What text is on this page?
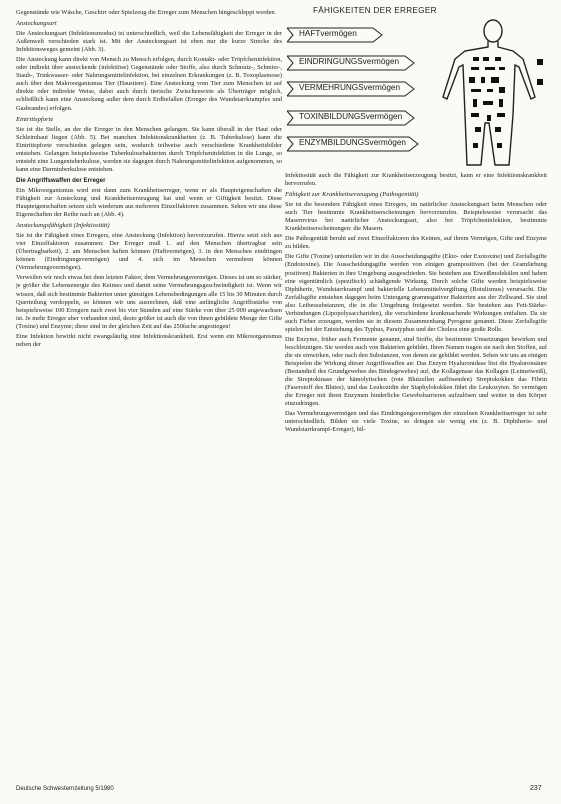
FÄHIGKEITEN DER ERREGER
HAFTvermögen
EINDRINGUNGSvermögen
VERMEHRUNGSvermögen
TOXINBILDUNGSvermögen
ENZYMBILDUNGSvermögen

Gegenstände wie Wäsche, Geschirr oder Spielzeug die Erreger zum Menschen hingeschleppt werden.

Ansteckungsart

Die Ansteckungsart (Infektionsmodus) ist unterschiedlich, weil die Lebensfähigkeit der Erreger in der Außenwelt verschieden stark ist. Mit der Ansteckungsart ist eben nur die kurze Strecke des Infektionsweges gemeint (Abb. 3).

Die Ansteckung kann direkt von Mensch zu Mensch erfolgen, durch Kontakt- oder Tröpfcheninfektion, oder indirekt über ansteckende (infektiöse) Gegenstände oder Stoffe, also durch Schmutz-, Schmier-, Staub-, Trinkwasser- oder Nahrungsmittelinfektion, bei einzelnen Erkrankungen (z. B. Toxoplasmose) auch über den Makroorganismus Tier (Haustiere). Eine Ansteckung vom Tier zum Menschen ist auf direkte oder indirekte Weise, dabei auch durch tierische Zwischenwirte als Überträger möglich, schließlich kann eine Ansteckung außer dem durch Erdbefallen (Erreger des Wundstarrkrampfes und Gasbrandes) erfolgen.

Eintrittspforte

Sie ist die Stelle, an der die Erreger in den Menschen gelangen. Sie kann überall in der Haut oder Schleimhaut liegen (Abb. 5). Bei manchen Infektionskrankheiten (z. B. Tuberkulose) kann die Eintrittspforte verschieden gelegen sein, wodurch teilweise auch verschiedene Krankheitsbilder entstehen. Gelangen beispielsweise Tuberkulosebakterien durch Tröpfcheninfektion in die Lunge, so entsteht eine Lungentuberkulose, werden sie dagegen durch Nahrungsmittelinfektion aufgenommen, so kann eine Darmtuberkulose entstehen.

Die Angriffswaffen der Erreger

Ein Mikroorganismus wird erst dann zum Krankheitserreger, wenn er als Haupteigenschaften die Fähigkeit zur Ansteckung und Krankheitserzeugung hat und wenn er Giftigkeit besitzt. Diese Haupteigenschaften setzen sich wiederum aus mehreren Einzelfaktoren zusammen. Sehen wir uns diese Eigenschaften der Reihe nach an (Abb. 4).

Ansteckungsfähigkeit (Infektiosität)

Sie ist die Fähigkeit eines Erregers, eine Ansteckung (Infektion) hervorzurufen. Hierzu setzt sich aus vier Einzelfaktoren zusammen: Der Erreger muß 1. auf den Menschen übertragbar sein (Übertragbarkeit), 2. am Menschen haften können (Haftvermögen), 3. in den Menschen eindringen können (Eindringungsvermögen) und 4. sich im Menschen vermehren können (Vermehrungsvermögen).

Verweilen wir noch etwas bei dem letzten Faktor, dem Vermehrungsvermögen. Dieses ist um so stärker, je größer die Lebensenergie des Keimes und damit seine Vermehrungsgeschwindigkeit ist. Wenn wir wissen, daß sich bestimmte Bakterien unter günstigen Lebensbedingungen alle 15 bis 30 Minuten durch Querteilung verdoppeln, so können wir uns ausrechnen, daß eine anfängliche Angriffsstärke von beispielsweise 100 Erregern nach zwei bis vier Stunden auf eine Stärke von über 25 000 angewachsen ist. Je mehr Erreger aber vorhanden sind, desto größer ist auch die von ihnen gebildete Menge der Gifte (Toxine) und Enzyme; diese sind in der gleichen Zeit auf das 250fache angestiegen!

Eine Infektion bewirkt nicht zwangsläufig eine Infektionskrankheit. Erst wenn ein Mikroorganismus neben der

Infektiosität auch die Fähigkeit zur Krankheitserzeugung besitzt, kann er eine Infektionskrankheit hervorrufen.

Fähigkeit zur Krankheitserzeugung (Pathogenität)

Sie ist die besondere Fähigkeit eines Erregers, im natürlicher Ansteckungsart beim Menschen oder auch Tier bestimmte Krankheitserscheinungen hervorzurufen. Beispielsweise verursacht das Masernvirus bei natürlicher Ansteckungsart, also bei Tröpfcheninfektion, bestimmte Krankheitserscheinungen: die Masern.

Die Pathogenität beruht auf zwei Einzelfaktoren des Keimes, auf ihrem Vermögen, Gifte und Enzyme zu bilden.

Die Gifte (Toxine) unterteilen wir in die Ausscheidungsgifte (Ekto- oder Exotoxine) und Zerfallsgifte (Endotoxine). Die Ausscheidungsgifte werden von einigen grampositiven (bei der Gramfärbung positiven) Bakterien in ihre Umgebung ausgeschieden. Sie bestehen aus Eiweißmolekülen und haben eine eigentümlich (spezifisch) schädigende Wirkung. Durch solche Gifte werden beispielsweise Diphtherie, Wundstarrkrampf und bakterielle Lebensmittelvergiftung (Botulismus) verursacht. Die Zerfallsgifte entstehen dagegen beim Untergang gramnegativer Bakterien aus der Zellwand. Sie sind also Leibessubstanzen, die in die Umgebung freigesetzt werden. Sie bestehen aus Fett-Stärke-Verbindungen (Lipopolysacchariden), die verschiedene krankmachende Wirkungen entfalten. Da sie auch Fieber erzeugen, werden sie in diesem Zusammenhang Pyrogene genannt. Diese Zerfallsgifte spielen bei der Entstehung des Typhus, Paratyphus und der Cholera eine große Rolle.

Die Enzyme, früher auch Fermente genannt, sind Stoffe, die bestimmte Umsetzungen bewirken und beschleunigen. Sie werden auch von Bakterien gebildet. Ihren Namen tragen sie nach den Stoffen, auf die sie einwirken, oder nach den Substanzen, von denen sie gebildet werden. Sehen wir uns an einigen Beispielen die Wirkung dieser Angriffswaffen an: Das Enzym Hyaluronidase löst die Hyaluronsäure (Bestandteil des Grundgewebes des Bindegewebes) auf, die Kollagenase das Kollagen (Leimeiweiß), die Streptokinase der hämolytischen (rote Blutzellen auflösenden) Streptokokken das Fibrin (Faserstoff des Blutes), und das Leukozidin der Staphylokokken führt die Leukozyten. So vermögen die Erreger mit ihren Enzymen hinderliche Gewebsbarrieren aufzulösen und weiter in den Körper einzudringen.

Das Vermehrungsvermögen und das Eindringungsvermögen der einzelnen Krankheitserreger ist sehr unterschiedlich. Bilden sie viele Toxine, so dringen sie wenig ein (z. B. Diphtherie- und Wundstarrkrampf-Erreger), bil-

Deutsche Schwesternzeitung 5/1980	237
